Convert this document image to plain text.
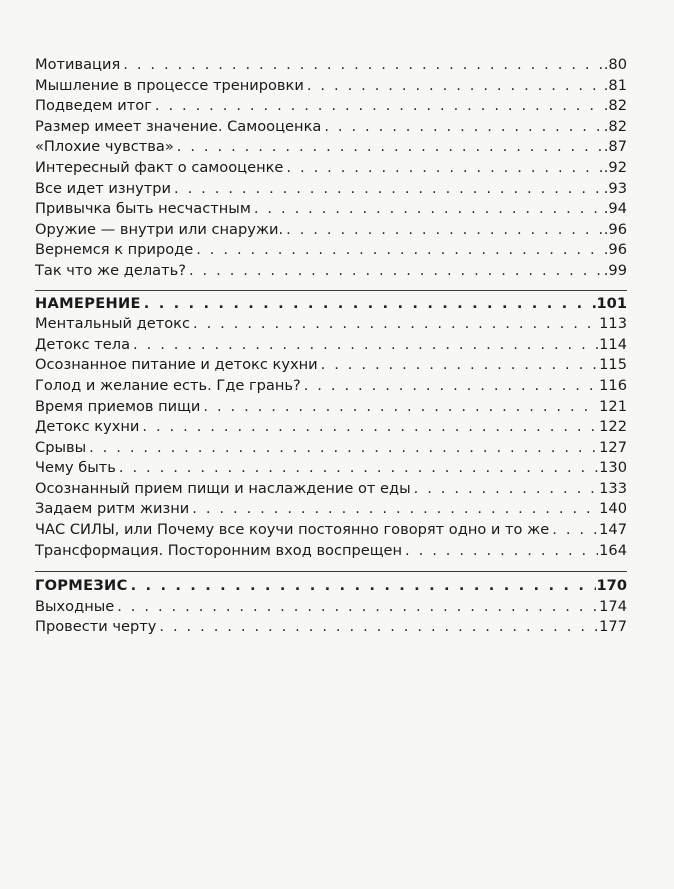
Мотивация . . .	.80
Мышление в процессе тренировки . . .	.81
Подведем итог . . .	.82
Размер имеет значение. Самооценка . . .	.82
«Плохие чувства» . . .	.87
Интересный факт о самооценке . . .	.92
Все идет изнутри . . .	.93
Привычка быть несчастным . . .	.94
Оружие — внутри или снаружи. . . .	.96
Вернемся к природе . . .	.96
Так что же делать? . . .	.99
НАМЕРЕНИЕ . . .	101
Ментальный детокс . . .	113
Детокс тела . . .	114
Осознанное питание и детокс кухни . . .	115
Голод и желание есть. Где грань? . . .	116
Время приемов пищи . . .	121
Детокс кухни . . .	122
Срывы . . .	127
Чему быть . . .	130
Осознанный прием пищи и наслаждение от еды . . .	133
Задаем ритм жизни . . .	140
ЧАС СИЛЫ, или Почему все коучи постоянно говорят одно и то же . . .	147
Трансформация. Посторонним вход воспрещен . . .	164
ГОРМЕЗИС . . .	170
Выходные . . .	174
Провести черту . . .	177
